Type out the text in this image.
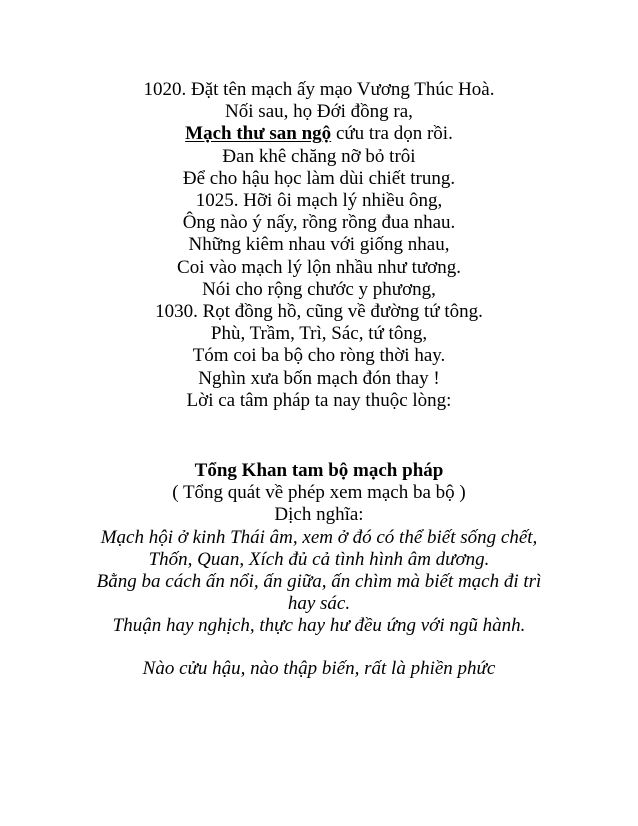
1020. Đặt tên mạch ấy mạo Vương Thúc Hoà.
Nối sau, họ Đới đồng ra,
Mạch thư san ngộ cứu tra dọn rồi.
Đan khê chăng nỡ bỏ trôi
Để cho hậu học làm dùi chiết trung.
1025. Hỡi ôi mạch lý nhiều ông,
Ông nào ý nấy, rồng rồng đua nhau.
Những kiêm nhau với giống nhau,
Coi vào mạch lý lộn nhầu như tương.
Nói cho rộng chước y phương,
1030. Rọt đồng hồ, cũng về đường tứ tông.
Phù, Trầm, Trì, Sác, tứ tông,
Tóm coi ba bộ cho ròng thời hay.
Nghìn xưa bốn mạch đón thay !
Lời ca tâm pháp ta nay thuộc lòng:
Tổng Khan tam bộ mạch pháp
( Tổng quát về phép xem mạch ba bộ )
Dịch nghĩa:
Mạch hội ở kinh Thái âm, xem ở đó có thể biết sống chết,
Thốn, Quan, Xích đủ cả tình hình âm dương.
Bằng ba cách ấn nổi, ấn giữa, ấn chìm mà biết mạch đi trì hay sác.
Thuận hay nghịch, thực hay hư đều ứng với ngũ hành.
Nào cửu hậu, nào thập biến, rất là phiền phức
